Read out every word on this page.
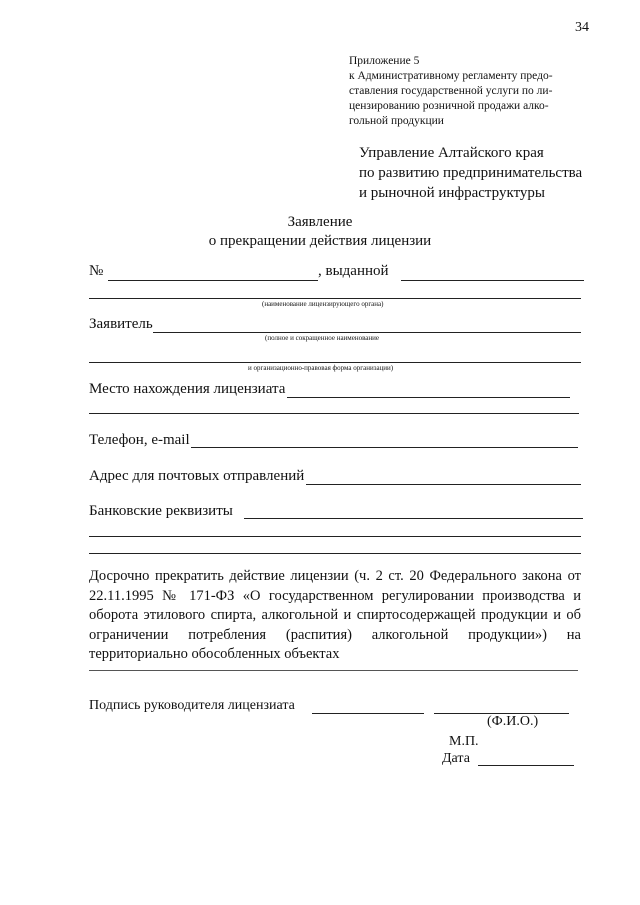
34
Приложение 5
к Административному регламенту предо-
ставления государственной услуги по ли-
цензированию розничной продажи алко-
гольной продукции
Управление Алтайского края
по развитию предпринимательства
и рыночной инфраструктуры
Заявление
о прекращении действия лицензии
№	, выданной
(наименование лицензирующего органа)
Заявитель
(полное и сокращенное наименование
и организационно-правовая форма организации)
Место нахождения лицензиата
Телефон, e-mail
Адрес для почтовых отправлений
Банковские реквизиты
Досрочно прекратить действие лицензии (ч. 2 ст. 20 Федерального закона от 22.11.1995 № 171-ФЗ «О государственном регулировании производства и оборота этилового спирта, алкогольной и спиртосодержащей продукции и об ограничении потребления (распития) алкогольной продукции») на территориально обособленных объектах
Подпись руководителя лицензиата
(Ф.И.О.)
М.П.
Дата
